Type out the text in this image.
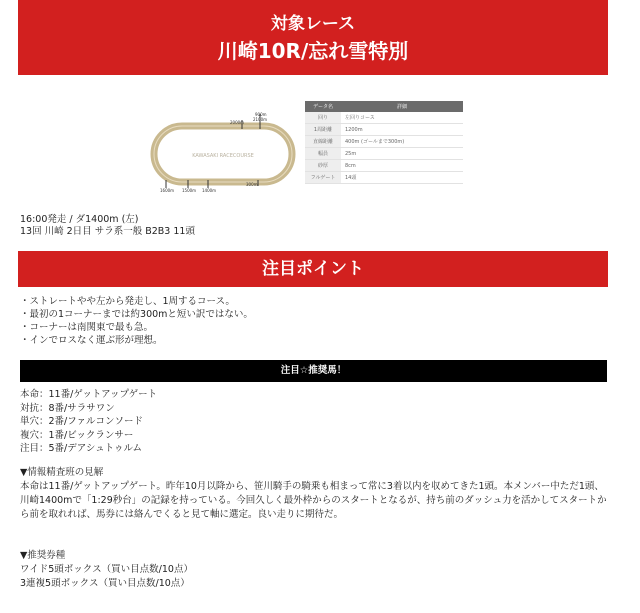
対象レース
川崎10R/忘れ雪特別
KAWASAKI RACECOURSE
2000m
900m
2100m
1600m 1500m 1400m
300m
データ名	詳細
回り	左回りコース
1周距離	1200m
直線距離	400m (ゴールまで300m)
幅員	25m
砂厚	8cm
フルゲート	14頭
16:00発走 / ダ1400m (左)
13回 川崎 2日目 サラ系一般 B2B3 11頭
注目ポイント
・ストレートやや左から発走し、1周するコース。
・最初の1コーナーまでは約300mと短い訳ではない。
・コーナーは南関東で最も急。
・インでロスなく運ぶ形が理想。
注目☆推奨馬！
本命：11番/ゲットアップゲート
対抗：8番/サラサワン
単穴：2番/ファルコンソード
複穴：1番/ビックランサー
注目：5番/デアシュトゥルム
▼情報精査班の見解
本命は11番/ゲットアップゲート。昨年10月以降から、笹川騎手の騎乗も相まって常に3着以内を収めてきた1頭。本メンバー中ただ1頭、川崎1400mで「1:29秒台」の記録を持っている。今回久しく最外枠からのスタートとなるが、持ち前のダッシュ力を活かしてスタートから前を取れれば、馬券には絡んでくると見て軸に選定。良い走りに期待だ。
▼推奨券種
ワイド5頭ボックス（買い目点数/10点）
3連複5頭ボックス（買い目点数/10点）
